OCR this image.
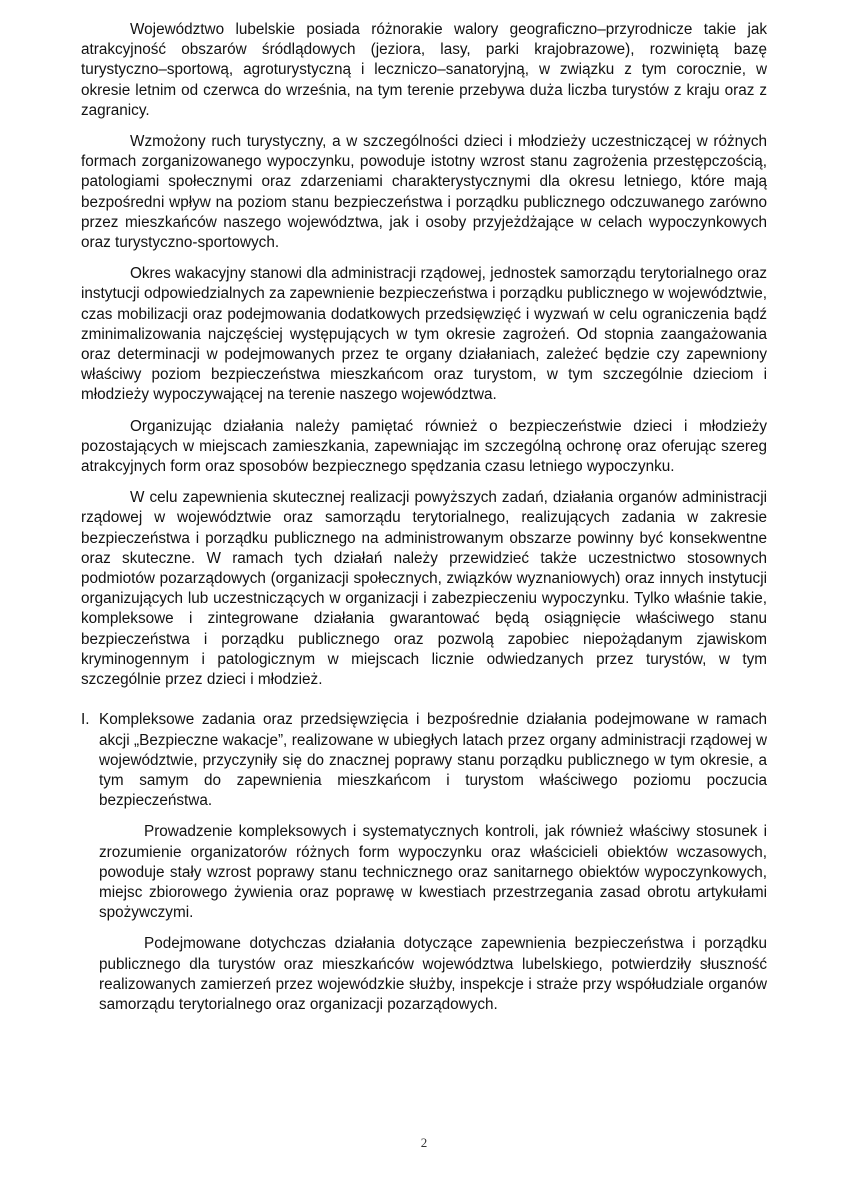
Województwo lubelskie posiada różnorakie walory geograficzno–przyrodnicze takie jak atrakcyjność obszarów śródlądowych (jeziora, lasy, parki krajobrazowe), rozwiniętą bazę turystyczno–sportową, agroturystyczną i leczniczo–sanatoryjną, w związku z tym corocznie, w okresie letnim od czerwca do września, na tym terenie przebywa duża liczba turystów z kraju oraz z zagranicy.

Wzmożony ruch turystyczny, a w szczególności dzieci i młodzieży uczestniczącej w różnych formach zorganizowanego wypoczynku, powoduje istotny wzrost stanu zagrożenia przestępczością, patologiami społecznymi oraz zdarzeniami charakterystycznymi dla okresu letniego, które mają bezpośredni wpływ na poziom stanu bezpieczeństwa i porządku publicznego odczuwanego zarówno przez mieszkańców naszego województwa, jak i osoby przyjeżdżające w celach wypoczynkowych oraz turystyczno-sportowych.

Okres wakacyjny stanowi dla administracji rządowej, jednostek samorządu terytorialnego oraz instytucji odpowiedzialnych za zapewnienie bezpieczeństwa i porządku publicznego w województwie, czas mobilizacji oraz podejmowania dodatkowych przedsięwzięć i wyzwań w celu ograniczenia bądź zminimalizowania najczęściej występujących w tym okresie zagrożeń. Od stopnia zaangażowania oraz determinacji w podejmowanych przez te organy działaniach, zależeć będzie czy zapewniony właściwy poziom bezpieczeństwa mieszkańcom oraz turystom, w tym szczególnie dzieciom i młodzieży wypoczywającej na terenie naszego województwa.

Organizując działania należy pamiętać również o bezpieczeństwie dzieci i młodzieży pozostających w miejscach zamieszkania, zapewniając im szczególną ochronę oraz oferując szereg atrakcyjnych form oraz sposobów bezpiecznego spędzania czasu letniego wypoczynku.

W celu zapewnienia skutecznej realizacji powyższych zadań, działania organów administracji rządowej w województwie oraz samorządu terytorialnego, realizujących zadania w zakresie bezpieczeństwa i porządku publicznego na administrowanym obszarze powinny być konsekwentne oraz skuteczne. W ramach tych działań należy przewidzieć także uczestnictwo stosownych podmiotów pozarządowych (organizacji społecznych, związków wyznaniowych) oraz innych instytucji organizujących lub uczestniczących w organizacji i zabezpieczeniu wypoczynku. Tylko właśnie takie, kompleksowe i zintegrowane działania gwarantować będą osiągnięcie właściwego stanu bezpieczeństwa i porządku publicznego oraz pozwolą zapobiec niepożądanym zjawiskom kryminogennym i patologicznym w miejscach licznie odwiedzanych przez turystów, w tym szczególnie przez dzieci i młodzież.

I. Kompleksowe zadania oraz przedsięwzięcia i bezpośrednie działania podejmowane w ramach akcji „Bezpieczne wakacje”, realizowane w ubiegłych latach przez organy administracji rządowej w województwie, przyczyniły się do znacznej poprawy stanu porządku publicznego w tym okresie, a tym samym do zapewnienia mieszkańcom i turystom właściwego poziomu poczucia bezpieczeństwa.

Prowadzenie kompleksowych i systematycznych kontroli, jak również właściwy stosunek i zrozumienie organizatorów różnych form wypoczynku oraz właścicieli obiektów wczasowych, powoduje stały wzrost poprawy stanu technicznego oraz sanitarnego obiektów wypoczynkowych, miejsc zbiorowego żywienia oraz poprawę w kwestiach przestrzegania zasad obrotu artykułami spożywczymi.

Podejmowane dotychczas działania dotyczące zapewnienia bezpieczeństwa i porządku publicznego dla turystów oraz mieszkańców województwa lubelskiego, potwierdziły słuszność realizowanych zamierzeń przez wojewódzkie służby, inspekcje i straże przy współudziale organów samorządu terytorialnego oraz organizacji pozarządowych.

2
